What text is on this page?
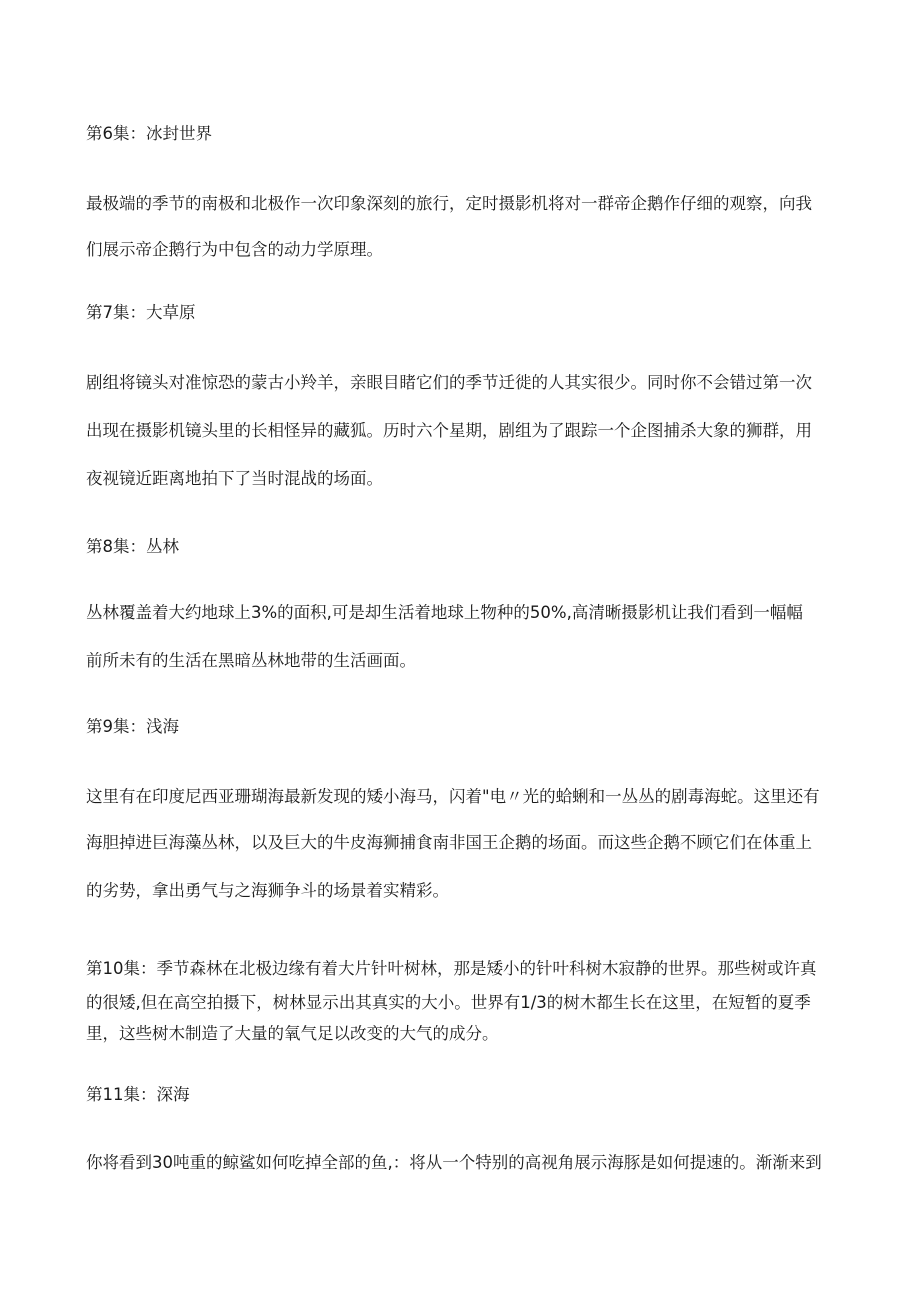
第6集：冰封世界

最极端的季节的南极和北极作一次印象深刻的旅行，定时摄影机将对一群帝企鹅作仔细的观察，向我

们展示帝企鹅行为中包含的动力学原理。

第7集：大草原

剧组将镜头对准惊恐的蒙古小羚羊，亲眼目睹它们的季节迁徙的人其实很少。同时你不会错过第一次

出现在摄影机镜头里的长相怪异的藏狐。历时六个星期，剧组为了跟踪一个企图捕杀大象的狮群，用

夜视镜近距离地拍下了当时混战的场面。

第8集：丛林

丛林覆盖着大约地球上3%的面积,可是却生活着地球上物种的50%,高清晰摄影机让我们看到一幅幅

前所未有的生活在黑暗丛林地带的生活画面。

第9集：浅海

这里有在印度尼西亚珊瑚海最新发现的矮小海马，闪着"电〃光的蛤蜊和一丛丛的剧毒海蛇。这里还有

海胆掉进巨海藻丛林，以及巨大的牛皮海狮捕食南非国王企鹅的场面。而这些企鹅不顾它们在体重上

的劣势，拿出勇气与之海狮争斗的场景着实精彩。

第10集：季节森林在北极边缘有着大片针叶树林，那是矮小的针叶科树木寂静的世界。那些树或许真

的很矮,但在高空拍摄下，树林显示出其真实的大小。世界有1/3的树木都生长在这里，在短暂的夏季

里，这些树木制造了大量的氧气足以改变的大气的成分。

第11集：深海

你将看到30吨重的鲸鲨如何吃掉全部的鱼,：将从一个特别的高视角展示海豚是如何提速的。渐渐来到
